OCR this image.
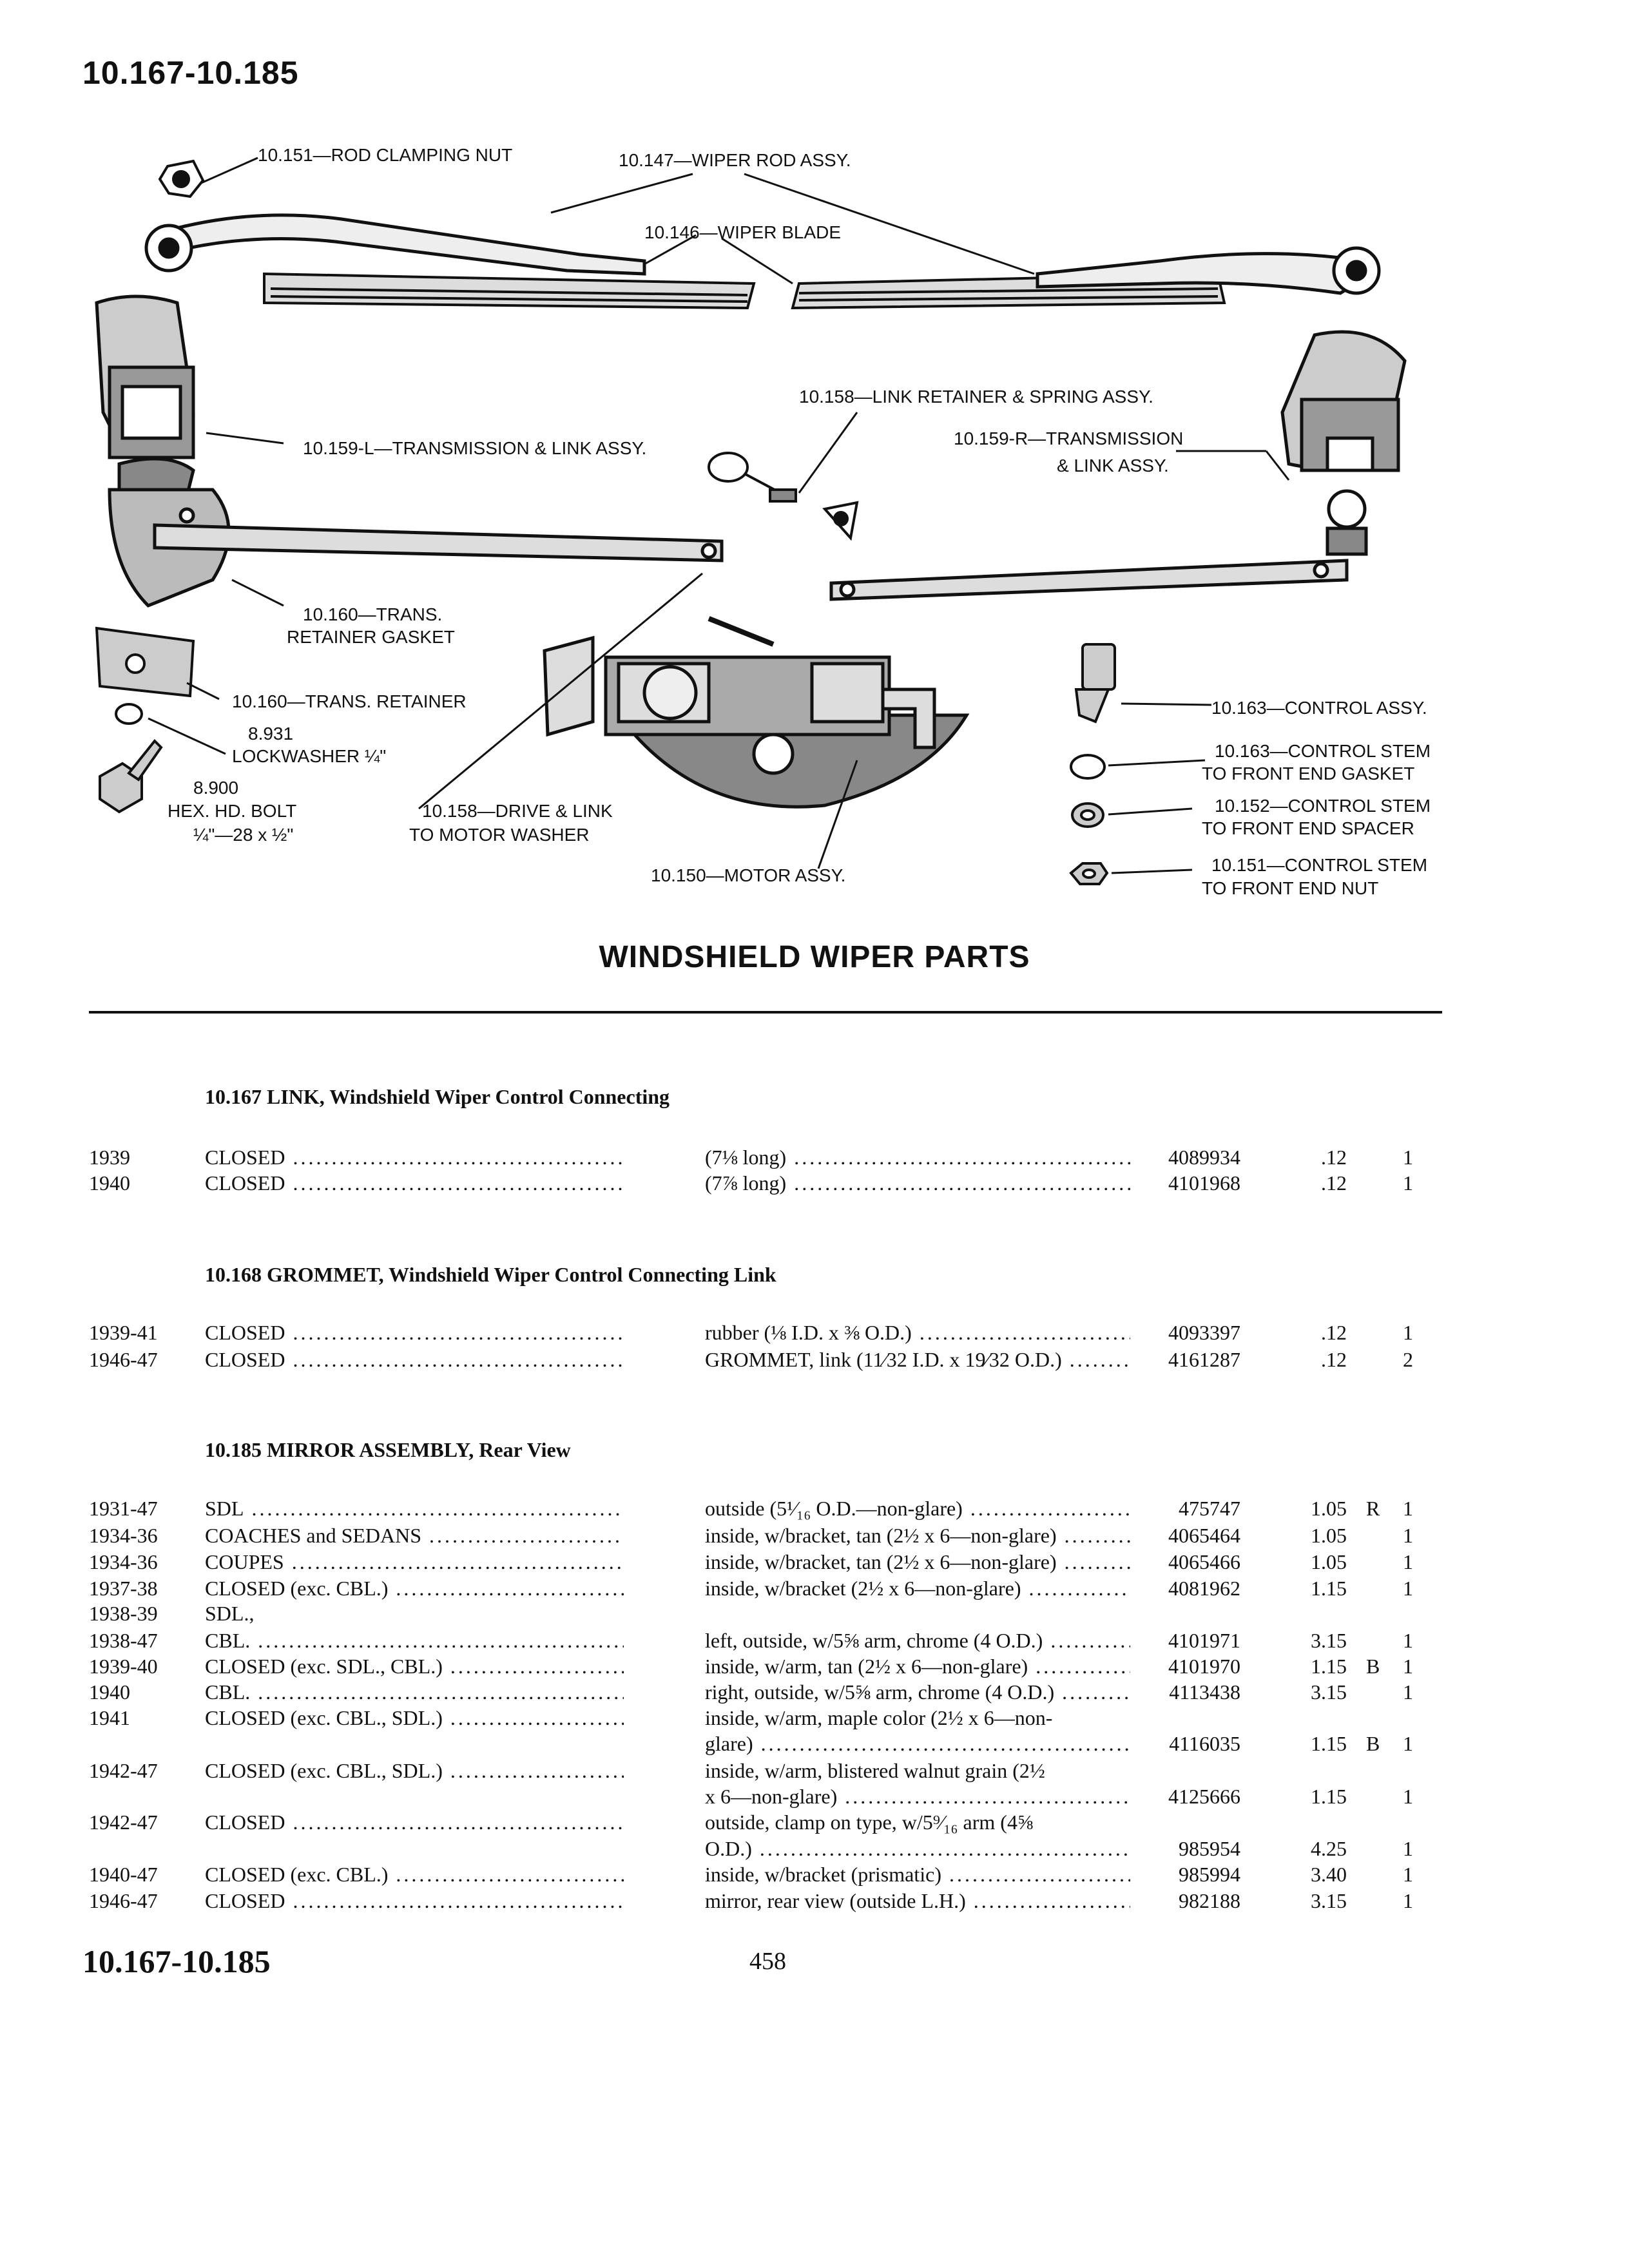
10.167-10.185
10.151—ROD CLAMPING NUT	10.147—WIPER ROD ASSY.
10.146—WIPER BLADE
10.158—LINK RETAINER & SPRING ASSY.
10.159-R—TRANSMISSION
& LINK ASSY.
10.159-L—TRANSMISSION & LINK ASSY.
10.160—TRANS.
RETAINER GASKET
10.160—TRANS. RETAINER
8.931
LOCKWASHER ¼"
8.900
HEX. HD. BOLT
¼"—28 x ½"
10.158—DRIVE & LINK
TO MOTOR WASHER
10.150—MOTOR ASSY.
10.163—CONTROL ASSY.
10.163—CONTROL STEM
TO FRONT END GASKET
10.152—CONTROL STEM
TO FRONT END SPACER
10.151—CONTROL STEM
TO FRONT END NUT
WINDSHIELD WIPER PARTS
10.167 LINK, Windshield Wiper Control Connecting
1939	CLOSED .....	(7⅛ long) .....	4089934	.12	1
1940	CLOSED .....	(7⅞ long) .....	4101968	.12	1
10.168 GROMMET, Windshield Wiper Control Connecting Link
1939-41 CLOSED .....	rubber (⅛ I.D. x ⅜ O.D.) .....	4093397	.12	1
1946-47 CLOSED .....	GROMMET, link (11⁄32 I.D. x 19⁄32 O.D.) .....	4161287	.12	2
10.185 MIRROR ASSEMBLY, Rear View
1931-47 SDL .....	outside (5¹⁄₁₆ O.D.—non-glare) .....	475747	1.05 R 1
1934-36 COACHES and SEDANS .....	inside, w/bracket, tan (2½ x 6—non-glare) .....	4065464	1.05	1
1934-36 COUPES .....	inside, w/bracket, tan (2½ x 6—non-glare) .....	4065466	1.05	1
1937-38 CLOSED (exc. CBL.) .....	inside, w/bracket (2½ x 6—non-glare) .....	4081962	1.15	1
1938-39 SDL.,
1938-47 CBL. .....	left, outside, w/5⅝ arm, chrome (4 O.D.) .....	4101971	3.15	1
1939-40 CLOSED (exc. SDL., CBL.) .....	inside, w/arm, tan (2½ x 6—non-glare) .....	4101970	1.15 B 1
1940	CBL. .....	right, outside, w/5⅝ arm, chrome (4 O.D.) .....	4113438	3.15	1
1941	CLOSED (exc. CBL., SDL.) .....	inside, w/arm, maple color (2½ x 6—non-
glare) .....	4116035	1.15 B 1
1942-47 CLOSED (exc. CBL., SDL.) .....	inside, w/arm, blistered walnut grain (2½
x 6—non-glare) .....	4125666	1.15	1
1942-47 CLOSED .....	outside, clamp on type, w/5⁹⁄₁₆ arm (4⅝
O.D.) .....	985954	4.25	1
1940-47 CLOSED (exc. CBL.) .....	inside, w/bracket (prismatic) .....	985994	3.40	1
1946-47 CLOSED .....	mirror, rear view (outside L.H.) .....	982188	3.15	1
10.167-10.185	458
